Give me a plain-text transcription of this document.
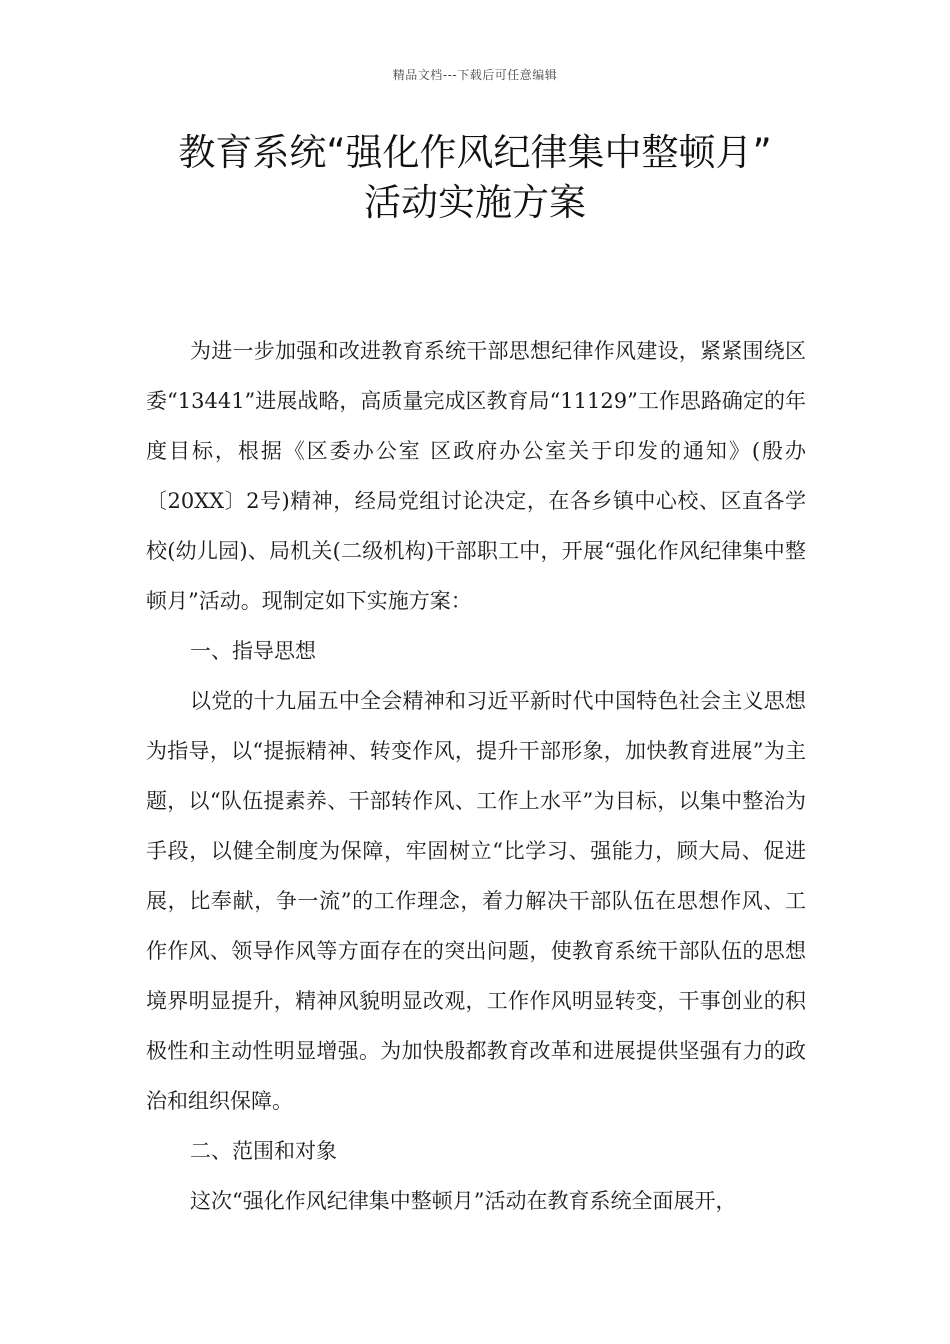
精品文档---下载后可任意编辑
教育系统“强化作风纪律集中整顿月”
活动实施方案

为进一步加强和改进教育系统干部思想纪律作风建设，紧紧围绕区委“13441”进展战略，高质量完成区教育局“11129”工作思路确定的年度目标，根据《区委办公室 区政府办公室关于印发的通知》(殷办〔20XX〕2号)精神，经局党组讨论决定，在各乡镇中心校、区直各学校(幼儿园)、局机关(二级机构)干部职工中，开展“强化作风纪律集中整顿月”活动。现制定如下实施方案：

一、指导思想

以党的十九届五中全会精神和习近平新时代中国特色社会主义思想为指导，以“提振精神、转变作风，提升干部形象，加快教育进展”为主题，以“队伍提素养、干部转作风、工作上水平”为目标，以集中整治为手段，以健全制度为保障，牢固树立“比学习、强能力，顾大局、促进展，比奉献，争一流”的工作理念，着力解决干部队伍在思想作风、工作作风、领导作风等方面存在的突出问题，使教育系统干部队伍的思想境界明显提升，精神风貌明显改观，工作作风明显转变，干事创业的积极性和主动性明显增强。为加快殷都教育改革和进展提供坚强有力的政治和组织保障。

二、范围和对象

这次“强化作风纪律集中整顿月”活动在教育系统全面展开，
